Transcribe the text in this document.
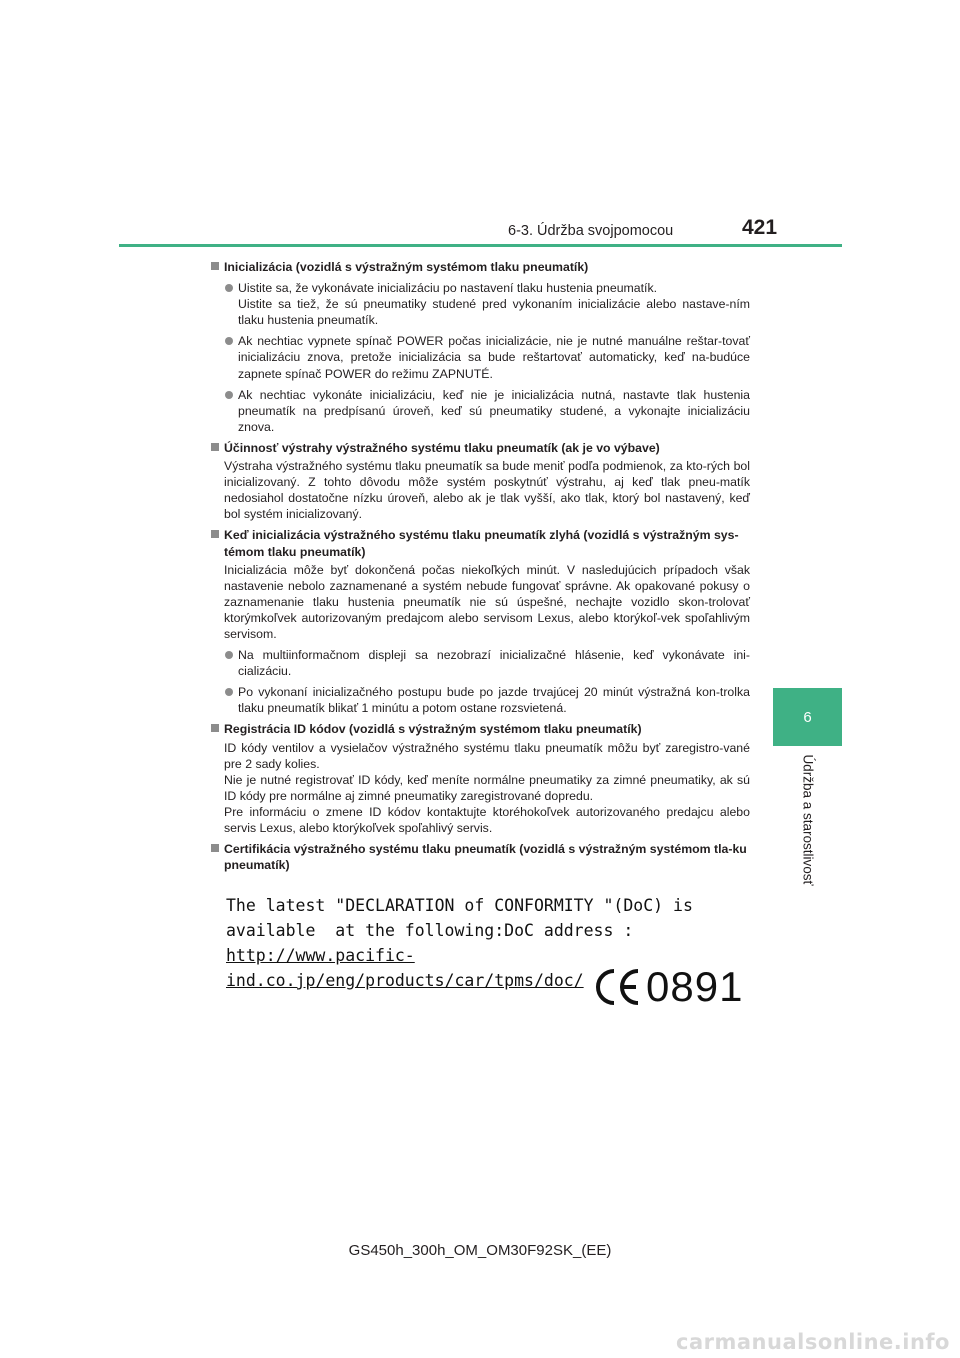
6-3. Údržba svojpomocou	421
6
Údržba a starostlivosť
Inicializácia (vozidlá s výstražným systémom tlaku pneumatík)
Uistite sa, že vykonávate inicializáciu po nastavení tlaku hustenia pneumatík.
Uistite sa tiež, že sú pneumatiky studené pred vykonaním inicializácie alebo nastave-ním tlaku hustenia pneumatík.
Ak nechtiac vypnete spínač POWER počas inicializácie, nie je nutné manuálne reštar-tovať inicializáciu znova, pretože inicializácia sa bude reštartovať automaticky, keď na-budúce zapnete spínač POWER do režimu ZAPNUTÉ.
Ak nechtiac vykonáte inicializáciu, keď nie je inicializácia nutná, nastavte tlak hustenia pneumatík na predpísanú úroveň, keď sú pneumatiky studené, a vykonajte inicializáciu znova.
Účinnosť výstrahy výstražného systému tlaku pneumatík (ak je vo výbave)
Výstraha výstražného systému tlaku pneumatík sa bude meniť podľa podmienok, za kto-rých bol inicializovaný. Z tohto dôvodu môže systém poskytnúť výstrahu, aj keď tlak pneu-matík nedosiahol dostatočne nízku úroveň, alebo ak je tlak vyšší, ako tlak, ktorý bol nastavený, keď bol systém inicializovaný.
Keď inicializácia výstražného systému tlaku pneumatík zlyhá (vozidlá s výstražným sys-témom tlaku pneumatík)
Inicializácia môže byť dokončená počas niekoľkých minút. V nasledujúcich prípadoch však nastavenie nebolo zaznamenané a systém nebude fungovať správne. Ak opakované pokusy o zaznamenanie tlaku hustenia pneumatík nie sú úspešné, nechajte vozidlo skon-trolovať ktorýmkoľvek autorizovaným predajcom alebo servisom Lexus, alebo ktorýkoľ-vek spoľahlivým servisom.
Na multiinformačnom displeji sa nezobrazí inicializačné hlásenie, keď vykonávate ini-cializáciu.
Po vykonaní inicializačného postupu bude po jazde trvajúcej 20 minút výstražná kon-trolka tlaku pneumatík blikať 1 minútu a potom ostane rozsvietená.
Registrácia ID kódov (vozidlá s výstražným systémom tlaku pneumatík)
ID kódy ventilov a vysielačov výstražného systému tlaku pneumatík môžu byť zaregistro-vané pre 2 sady kolies.
Nie je nutné registrovať ID kódy, keď meníte normálne pneumatiky za zimné pneumatiky, ak sú ID kódy pre normálne aj zimné pneumatiky zaregistrované dopredu.
Pre informáciu o zmene ID kódov kontaktujte ktoréhokoľvek autorizovaného predajcu alebo servis Lexus, alebo ktorýkoľvek spoľahlivý servis.
Certifikácia výstražného systému tlaku pneumatík (vozidlá s výstražným systémom tla-ku pneumatík)
The latest "DECLARATION of CONFORMITY "(DoC) is
available  at the following:DoC address :
http://www.pacific-ind.co.jp/eng/products/car/tpms/doc/	0891
GS450h_300h_OM_OM30F92SK_(EE)
carmanualsonline.info
